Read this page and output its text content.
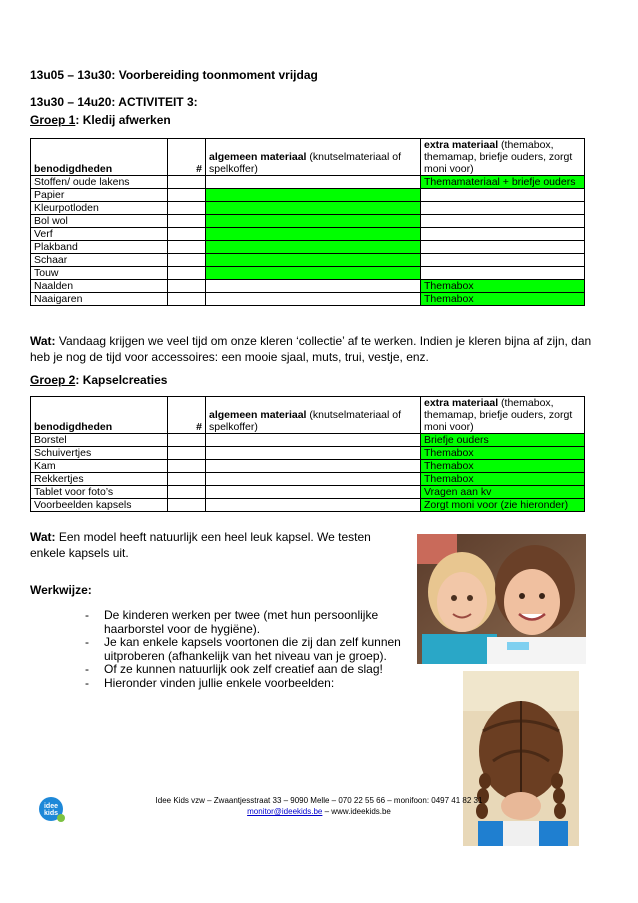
13u05 – 13u30: Voorbereiding toonmoment vrijdag
13u30 – 14u20: ACTIVITEIT 3:
Groep 1: Kledij afwerken
benodigdheden	#	algemeen materiaal (knutselmateriaal of spelkoffer)	extra materiaal (themabox, themamap, briefje ouders, zorgt moni voor)
Stoffen/ oude lakens			Themamateriaal + briefje ouders
Papier			
Kleurpotloden			
Bol wol			
Verf			
Plakband			
Schaar			
Touw			
Naalden			Themabox
Naaigaren			Themabox
Wat: Vandaag krijgen we veel tijd om onze kleren ‘collectie’ af te werken. Indien je kleren bijna af zijn, dan heb je nog de tijd voor accessoires: een mooie sjaal, muts, trui, vestje, enz.
Groep 2: Kapselcreaties
benodigdheden	#	algemeen materiaal (knutselmateriaal of spelkoffer)	extra materiaal (themabox, themamap, briefje ouders, zorgt moni voor)
Borstel			Briefje ouders
Schuivertjes			Themabox
Kam			Themabox
Rekkertjes			Themabox
Tablet voor foto’s			Vragen aan kv
Voorbeelden kapsels			Zorgt moni voor (zie hieronder)
Wat: Een model heeft natuurlijk een heel leuk kapsel. We testen enkele kapsels uit.
Werkwijze:
- De kinderen werken per twee (met hun persoonlijke haarborstel voor de hygiëne).
- Je kan enkele kapsels voortonen die zij dan zelf kunnen uitproberen (afhankelijk van het niveau van je groep).
- Of ze kunnen natuurlijk ook zelf creatief aan de slag!
- Hieronder vinden jullie enkele voorbeelden:
idee
kids
Idee Kids vzw – Zwaantjesstraat 33 – 9090 Melle – 070 22 55 66 – monifoon: 0497 41 82 31
monitor@ideekids.be – www.ideekids.be
